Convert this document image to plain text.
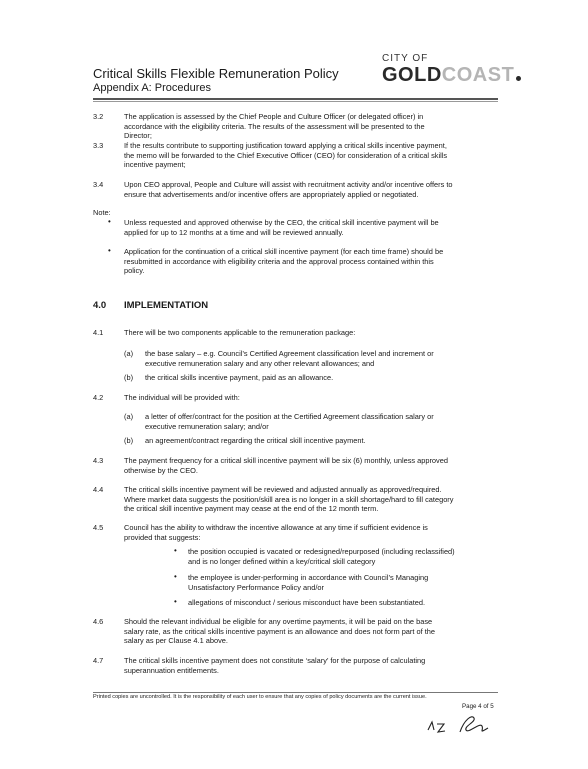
Critical Skills Flexible Remuneration Policy
Appendix A: Procedures
CITY OF
GOLDCOAST
3.2	The application is assessed by the Chief People and Culture Officer (or delegated officer) in
accordance with the eligibility criteria. The results of the assessment will be presented to the
Director;
3.3	If the results contribute to supporting justification toward applying a critical skills incentive payment,
the memo will be forwarded to the Chief Executive Officer (CEO) for consideration of a critical skills
incentive payment;
3.4	Upon CEO approval, People and Culture will assist with recruitment activity and/or incentive offers to
ensure that advertisements and/or incentive offers are appropriately applied or negotiated.
Note:
• Unless requested and approved otherwise by the CEO, the critical skill incentive payment will be
applied for up to 12 months at a time and will be reviewed annually.
• Application for the continuation of a critical skill incentive payment (for each time frame) should be
resubmitted in accordance with eligibility criteria and the approval process contained within this
policy.
4.0 IMPLEMENTATION
4.1	There will be two components applicable to the remuneration package:
(a) the base salary – e.g. Council’s Certified Agreement classification level and increment or
executive remuneration salary and any other relevant allowances; and
(b) the critical skills incentive payment, paid as an allowance.
4.2	The individual will be provided with:
(a) a letter of offer/contract for the position at the Certified Agreement classification salary or
executive remuneration salary; and/or
(b) an agreement/contract regarding the critical skill incentive payment.
4.3	The payment frequency for a critical skill incentive payment will be six (6) monthly, unless approved
otherwise by the CEO.
4.4	The critical skills incentive payment will be reviewed and adjusted annually as approved/required.
Where market data suggests the position/skill area is no longer in a skill shortage/hard to fill category
the critical skill incentive payment may cease at the end of the 12 month term.
4.5	Council has the ability to withdraw the incentive allowance at any time if sufficient evidence is
provided that suggests:
• the position occupied is vacated or redesigned/repurposed (including reclassified)
and is no longer defined within a key/critical skill category
• the employee is under-performing in accordance with Council’s Managing
Unsatisfactory Performance Policy and/or
• allegations of misconduct / serious misconduct have been substantiated.
4.6	Should the relevant individual be eligible for any overtime payments, it will be paid on the base
salary rate, as the critical skills incentive payment is an allowance and does not form part of the
salary as per Clause 4.1 above.
4.7	The critical skills incentive payment does not constitute ‘salary’ for the purpose of calculating
superannuation entitlements.
Printed copies are uncontrolled. It is the responsibility of each user to ensure that any copies of policy documents are the current issue.
Page 4 of 5
